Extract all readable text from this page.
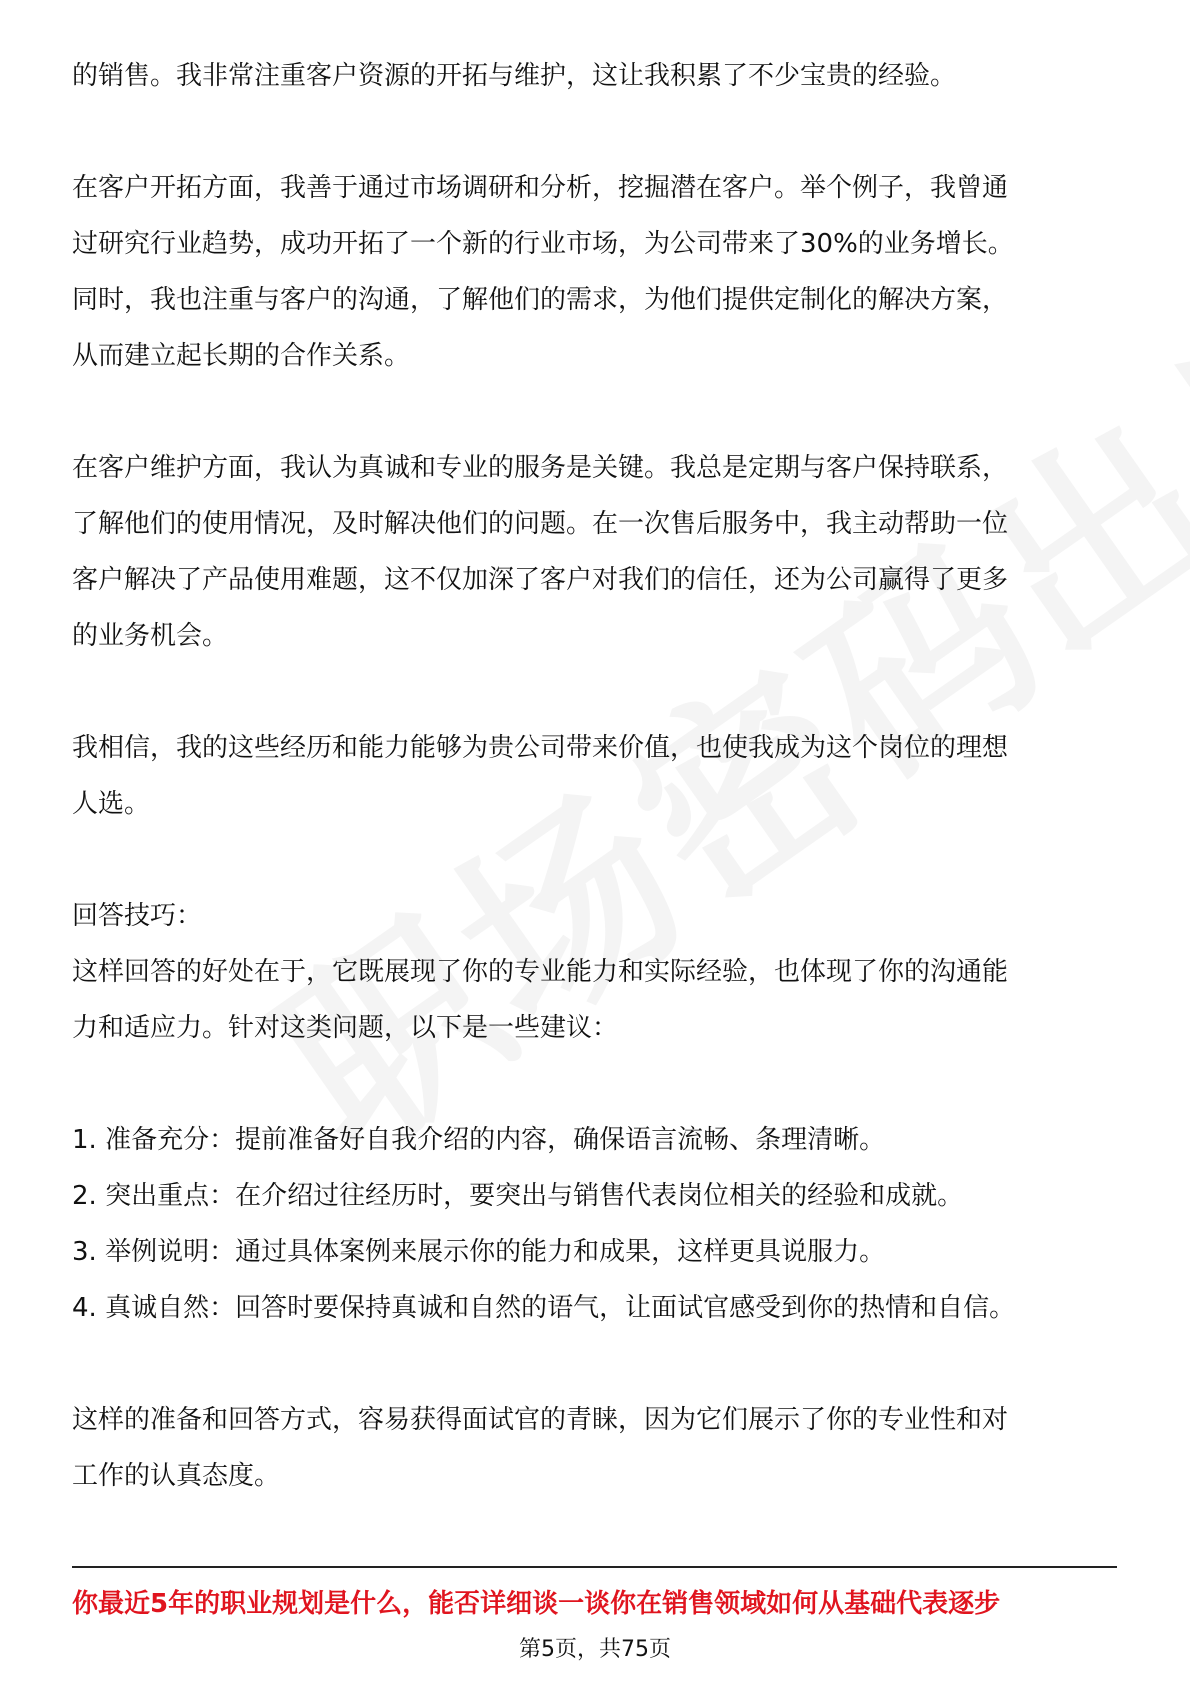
的销售。我非常注重客户资源的开拓与维护，这让我积累了不少宝贵的经验。
在客户开拓方面，我善于通过市场调研和分析，挖掘潜在客户。举个例子，我曾通
过研究行业趋势，成功开拓了一个新的行业市场，为公司带来了30%的业务增长。
同时，我也注重与客户的沟通，了解他们的需求，为他们提供定制化的解决方案，
从而建立起长期的合作关系。
在客户维护方面，我认为真诚和专业的服务是关键。我总是定期与客户保持联系，
了解他们的使用情况，及时解决他们的问题。在一次售后服务中，我主动帮助一位
客户解决了产品使用难题，这不仅加深了客户对我们的信任，还为公司赢得了更多
的业务机会。
我相信，我的这些经历和能力能够为贵公司带来价值，也使我成为这个岗位的理想
人选。
回答技巧：
这样回答的好处在于，它既展现了你的专业能力和实际经验，也体现了你的沟通能
力和适应力。针对这类问题，以下是一些建议：
1. 准备充分：提前准备好自我介绍的内容，确保语言流畅、条理清晰。
2. 突出重点：在介绍过往经历时，要突出与销售代表岗位相关的经验和成就。
3. 举例说明：通过具体案例来展示你的能力和成果，这样更具说服力。
4. 真诚自然：回答时要保持真诚和自然的语气，让面试官感受到你的热情和自信。
这样的准备和回答方式，容易获得面试官的青睐，因为它们展示了你的专业性和对
工作的认真态度。
你最近5年的职业规划是什么，能否详细谈一谈你在销售领域如何从基础代表逐步
第5页，共75页
